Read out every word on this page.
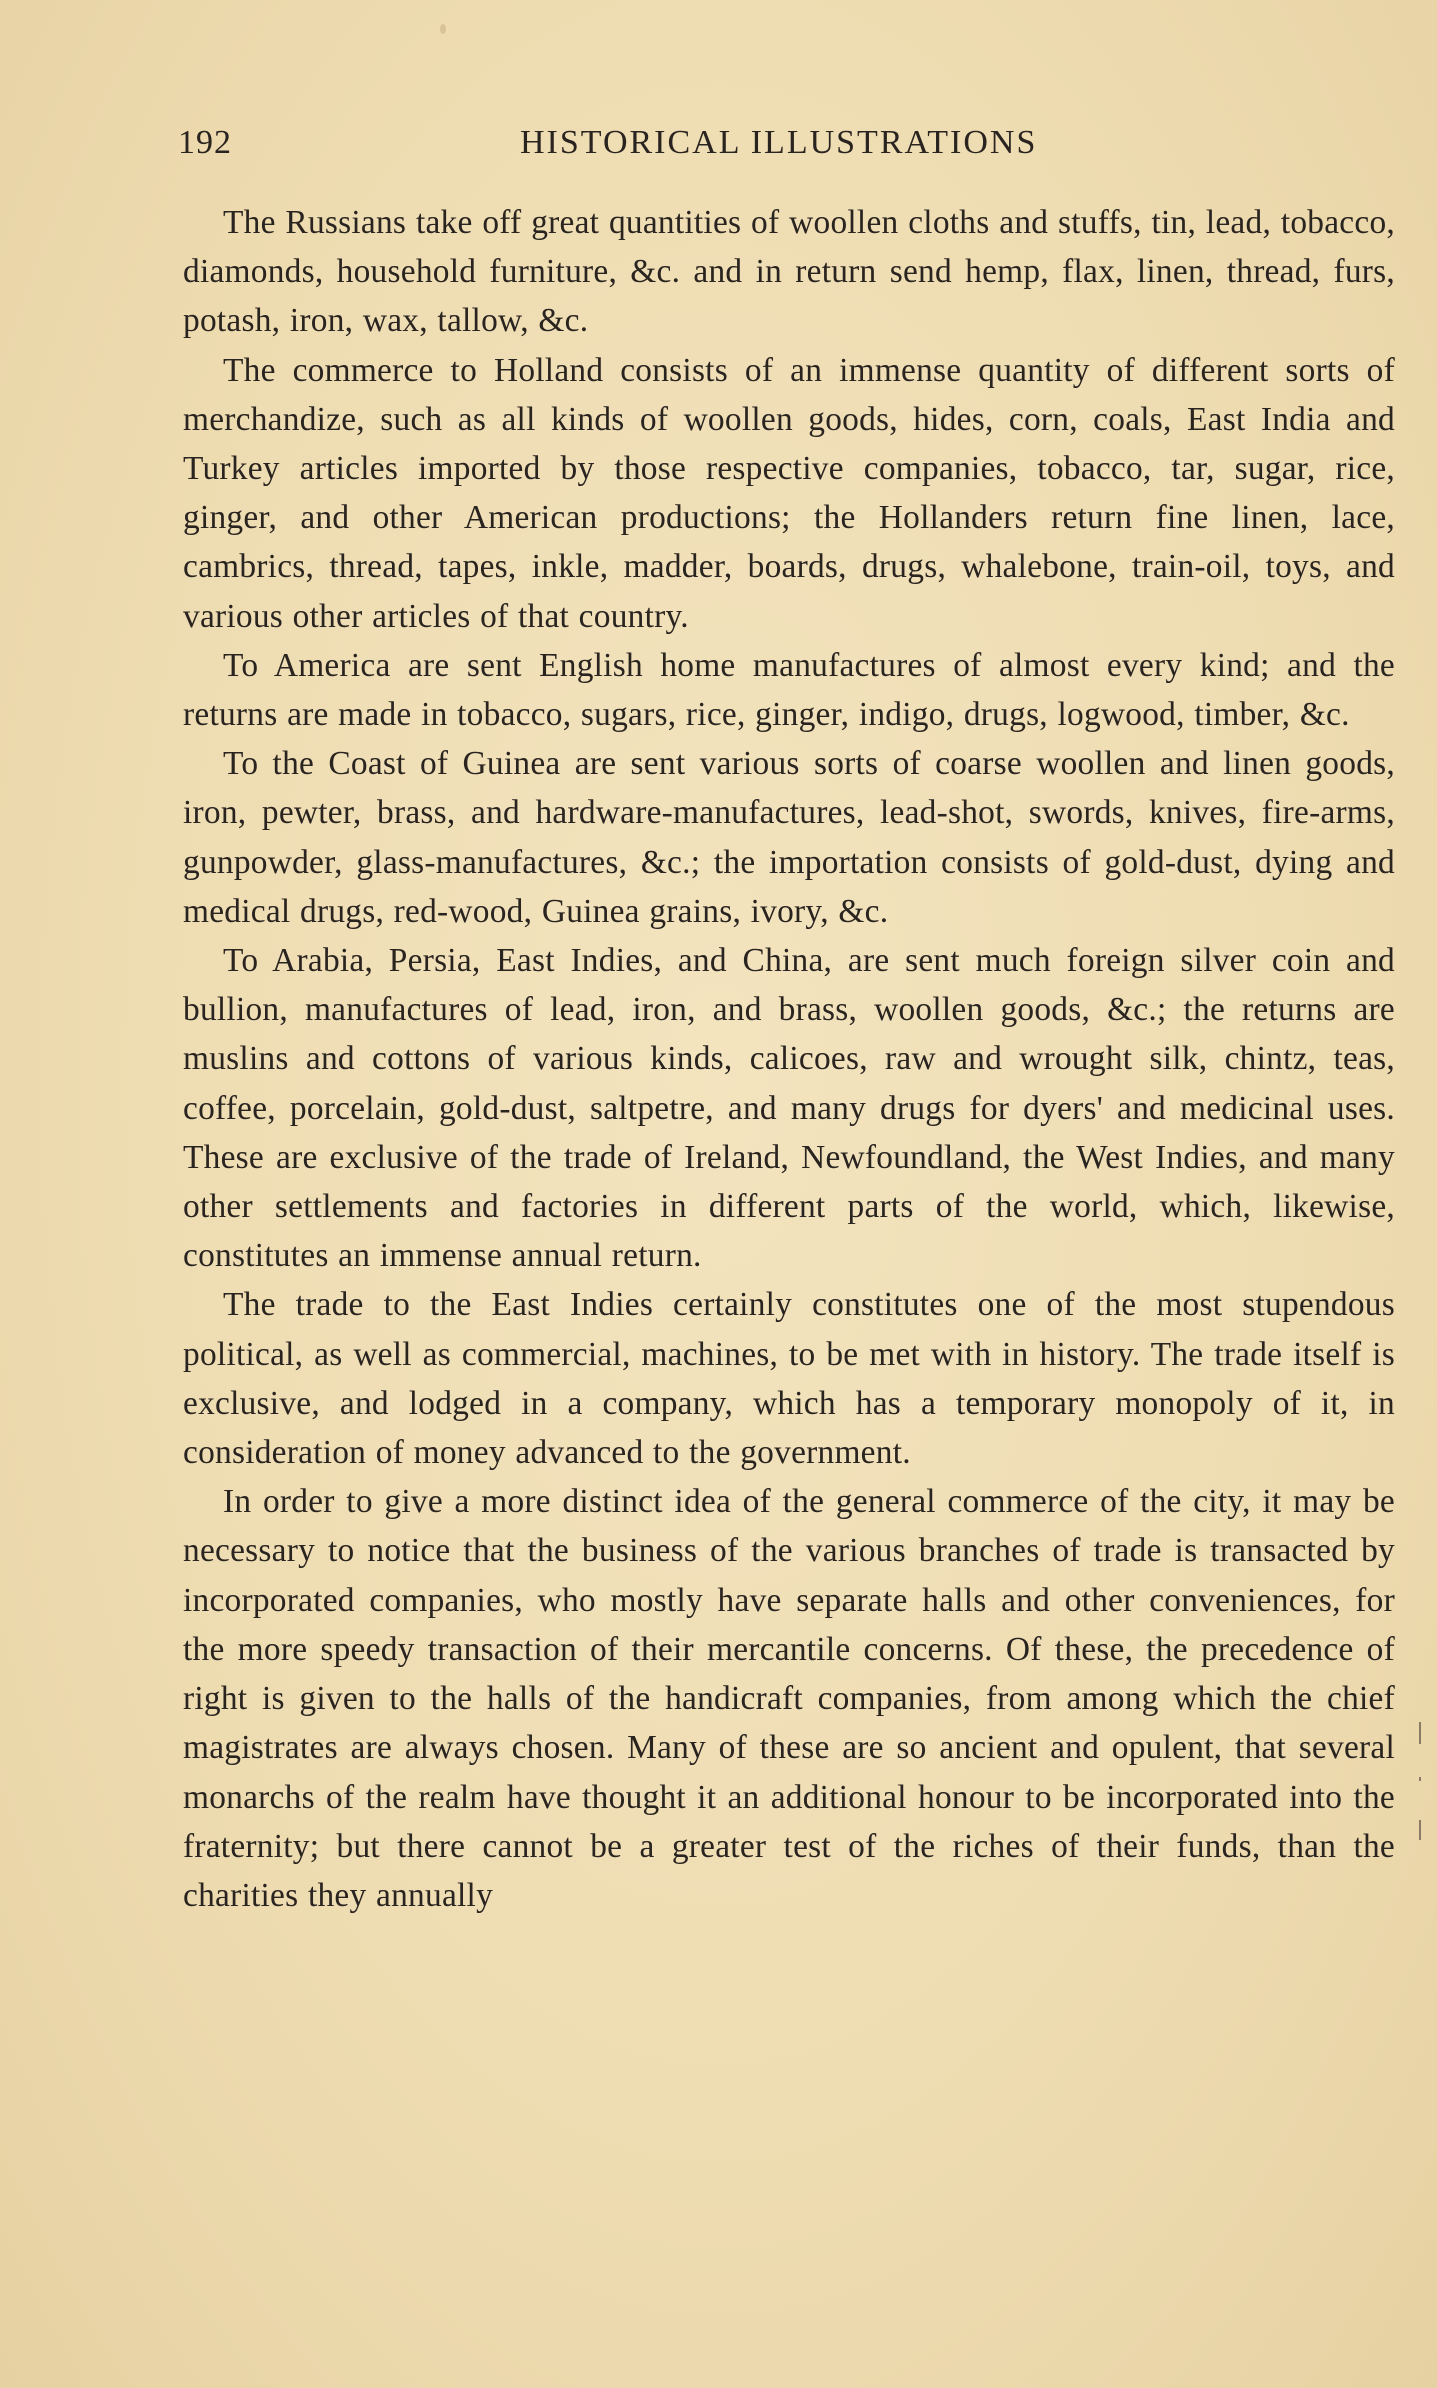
192	HISTORICAL ILLUSTRATIONS

The Russians take off great quantities of woollen cloths and stuffs, tin, lead, tobacco, diamonds, household furniture, &c. and in return send hemp, flax, linen, thread, furs, potash, iron, wax, tallow, &c.

The commerce to Holland consists of an immense quantity of different sorts of merchandize, such as all kinds of woollen goods, hides, corn, coals, East India and Turkey articles imported by those respective companies, tobacco, tar, sugar, rice, ginger, and other American productions; the Hollanders return fine linen, lace, cambrics, thread, tapes, inkle, madder, boards, drugs, whalebone, train-oil, toys, and various other articles of that country.

To America are sent English home manufactures of almost every kind; and the returns are made in tobacco, sugars, rice, ginger, indigo, drugs, logwood, timber, &c.

To the Coast of Guinea are sent various sorts of coarse woollen and linen goods, iron, pewter, brass, and hardware-manufactures, lead-shot, swords, knives, fire-arms, gunpowder, glass-manufactures, &c.; the importation consists of gold-dust, dying and medical drugs, red-wood, Guinea grains, ivory, &c.

To Arabia, Persia, East Indies, and China, are sent much foreign silver coin and bullion, manufactures of lead, iron, and brass, woollen goods, &c.; the returns are muslins and cottons of various kinds, calicoes, raw and wrought silk, chintz, teas, coffee, porcelain, gold-dust, saltpetre, and many drugs for dyers' and medicinal uses. These are exclusive of the trade of Ireland, Newfoundland, the West Indies, and many other settlements and factories in different parts of the world, which, likewise, constitutes an immense annual return.

The trade to the East Indies certainly constitutes one of the most stupendous political, as well as commercial, machines, to be met with in history. The trade itself is exclusive, and lodged in a company, which has a temporary monopoly of it, in consideration of money advanced to the government.

In order to give a more distinct idea of the general commerce of the city, it may be necessary to notice that the business of the various branches of trade is transacted by incorporated companies, who mostly have separate halls and other conveniences, for the more speedy transaction of their mercantile concerns. Of these, the precedence of right is given to the halls of the handicraft companies, from among which the chief magistrates are always chosen. Many of these are so ancient and opulent, that several monarchs of the realm have thought it an additional honour to be incorporated into the fraternity; but there cannot be a greater test of the riches of their funds, than the charities they annually
